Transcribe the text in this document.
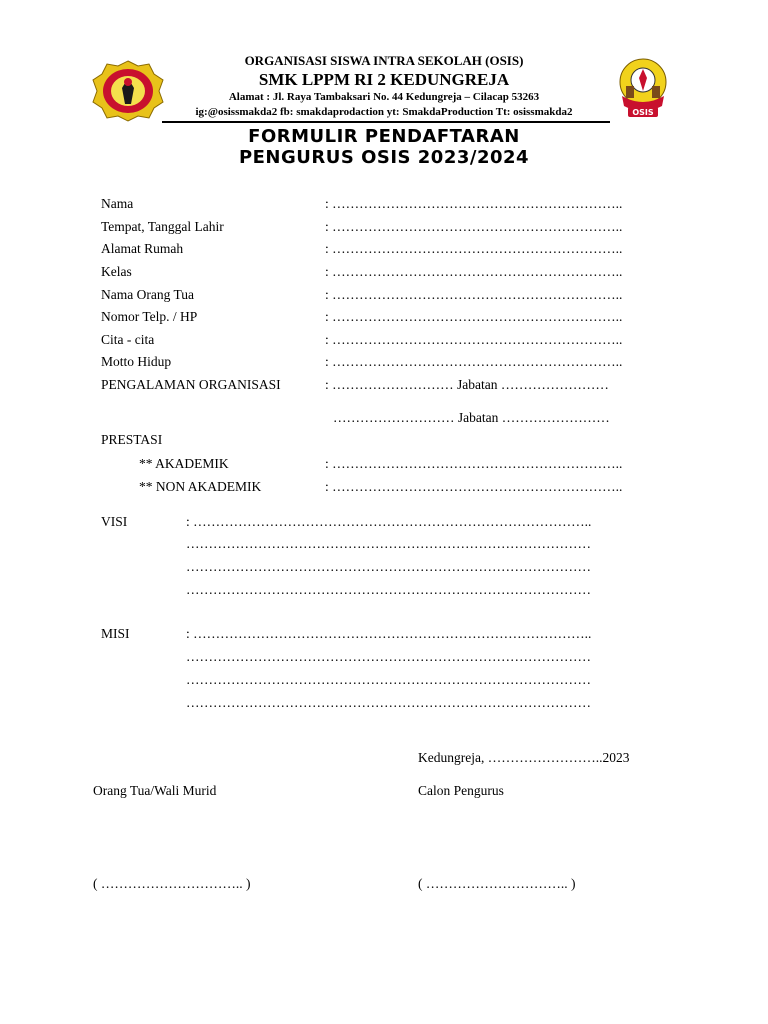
OSIS
ORGANISASI SISWA INTRA SEKOLAH (OSIS)
SMK LPPM RI 2 KEDUNGREJA
Alamat : Jl. Raya Tambaksari No. 44 Kedungreja – Cilacap 53263
ig:@osissmakda2 fb: smakdaprodaction yt: SmakdaProduction Tt: osissmakda2
FORMULIR PENDAFTARAN
PENGURUS OSIS 2023/2024
Nama	: ………………………………………………………..
Tempat, Tanggal Lahir	: ………………………………………………………..
Alamat Rumah	: ………………………………………………………..
Kelas	: ………………………………………………………..
Nama Orang Tua	: ………………………………………………………..
Nomor Telp. / HP	: ………………………………………………………..
Cita - cita	: ………………………………………………………..
Motto Hidup	: ………………………………………………………..
PENGALAMAN ORGANISASI	: ……………………… Jabatan ……………………
……………………… Jabatan ……………………
PRESTASI
** AKADEMIK	: ………………………………………………………..
** NON AKADEMIK	: ………………………………………………………..
VISI	: ……………………………………………………………………………..
………………………………………………………………………………
………………………………………………………………………………
………………………………………………………………………………
MISI	: ……………………………………………………………………………..
………………………………………………………………………………
………………………………………………………………………………
………………………………………………………………………………
Kedungreja, ……………………..2023
Orang Tua/Wali Murid	Calon Pengurus
( ………………………….. )	( ………………………….. )
